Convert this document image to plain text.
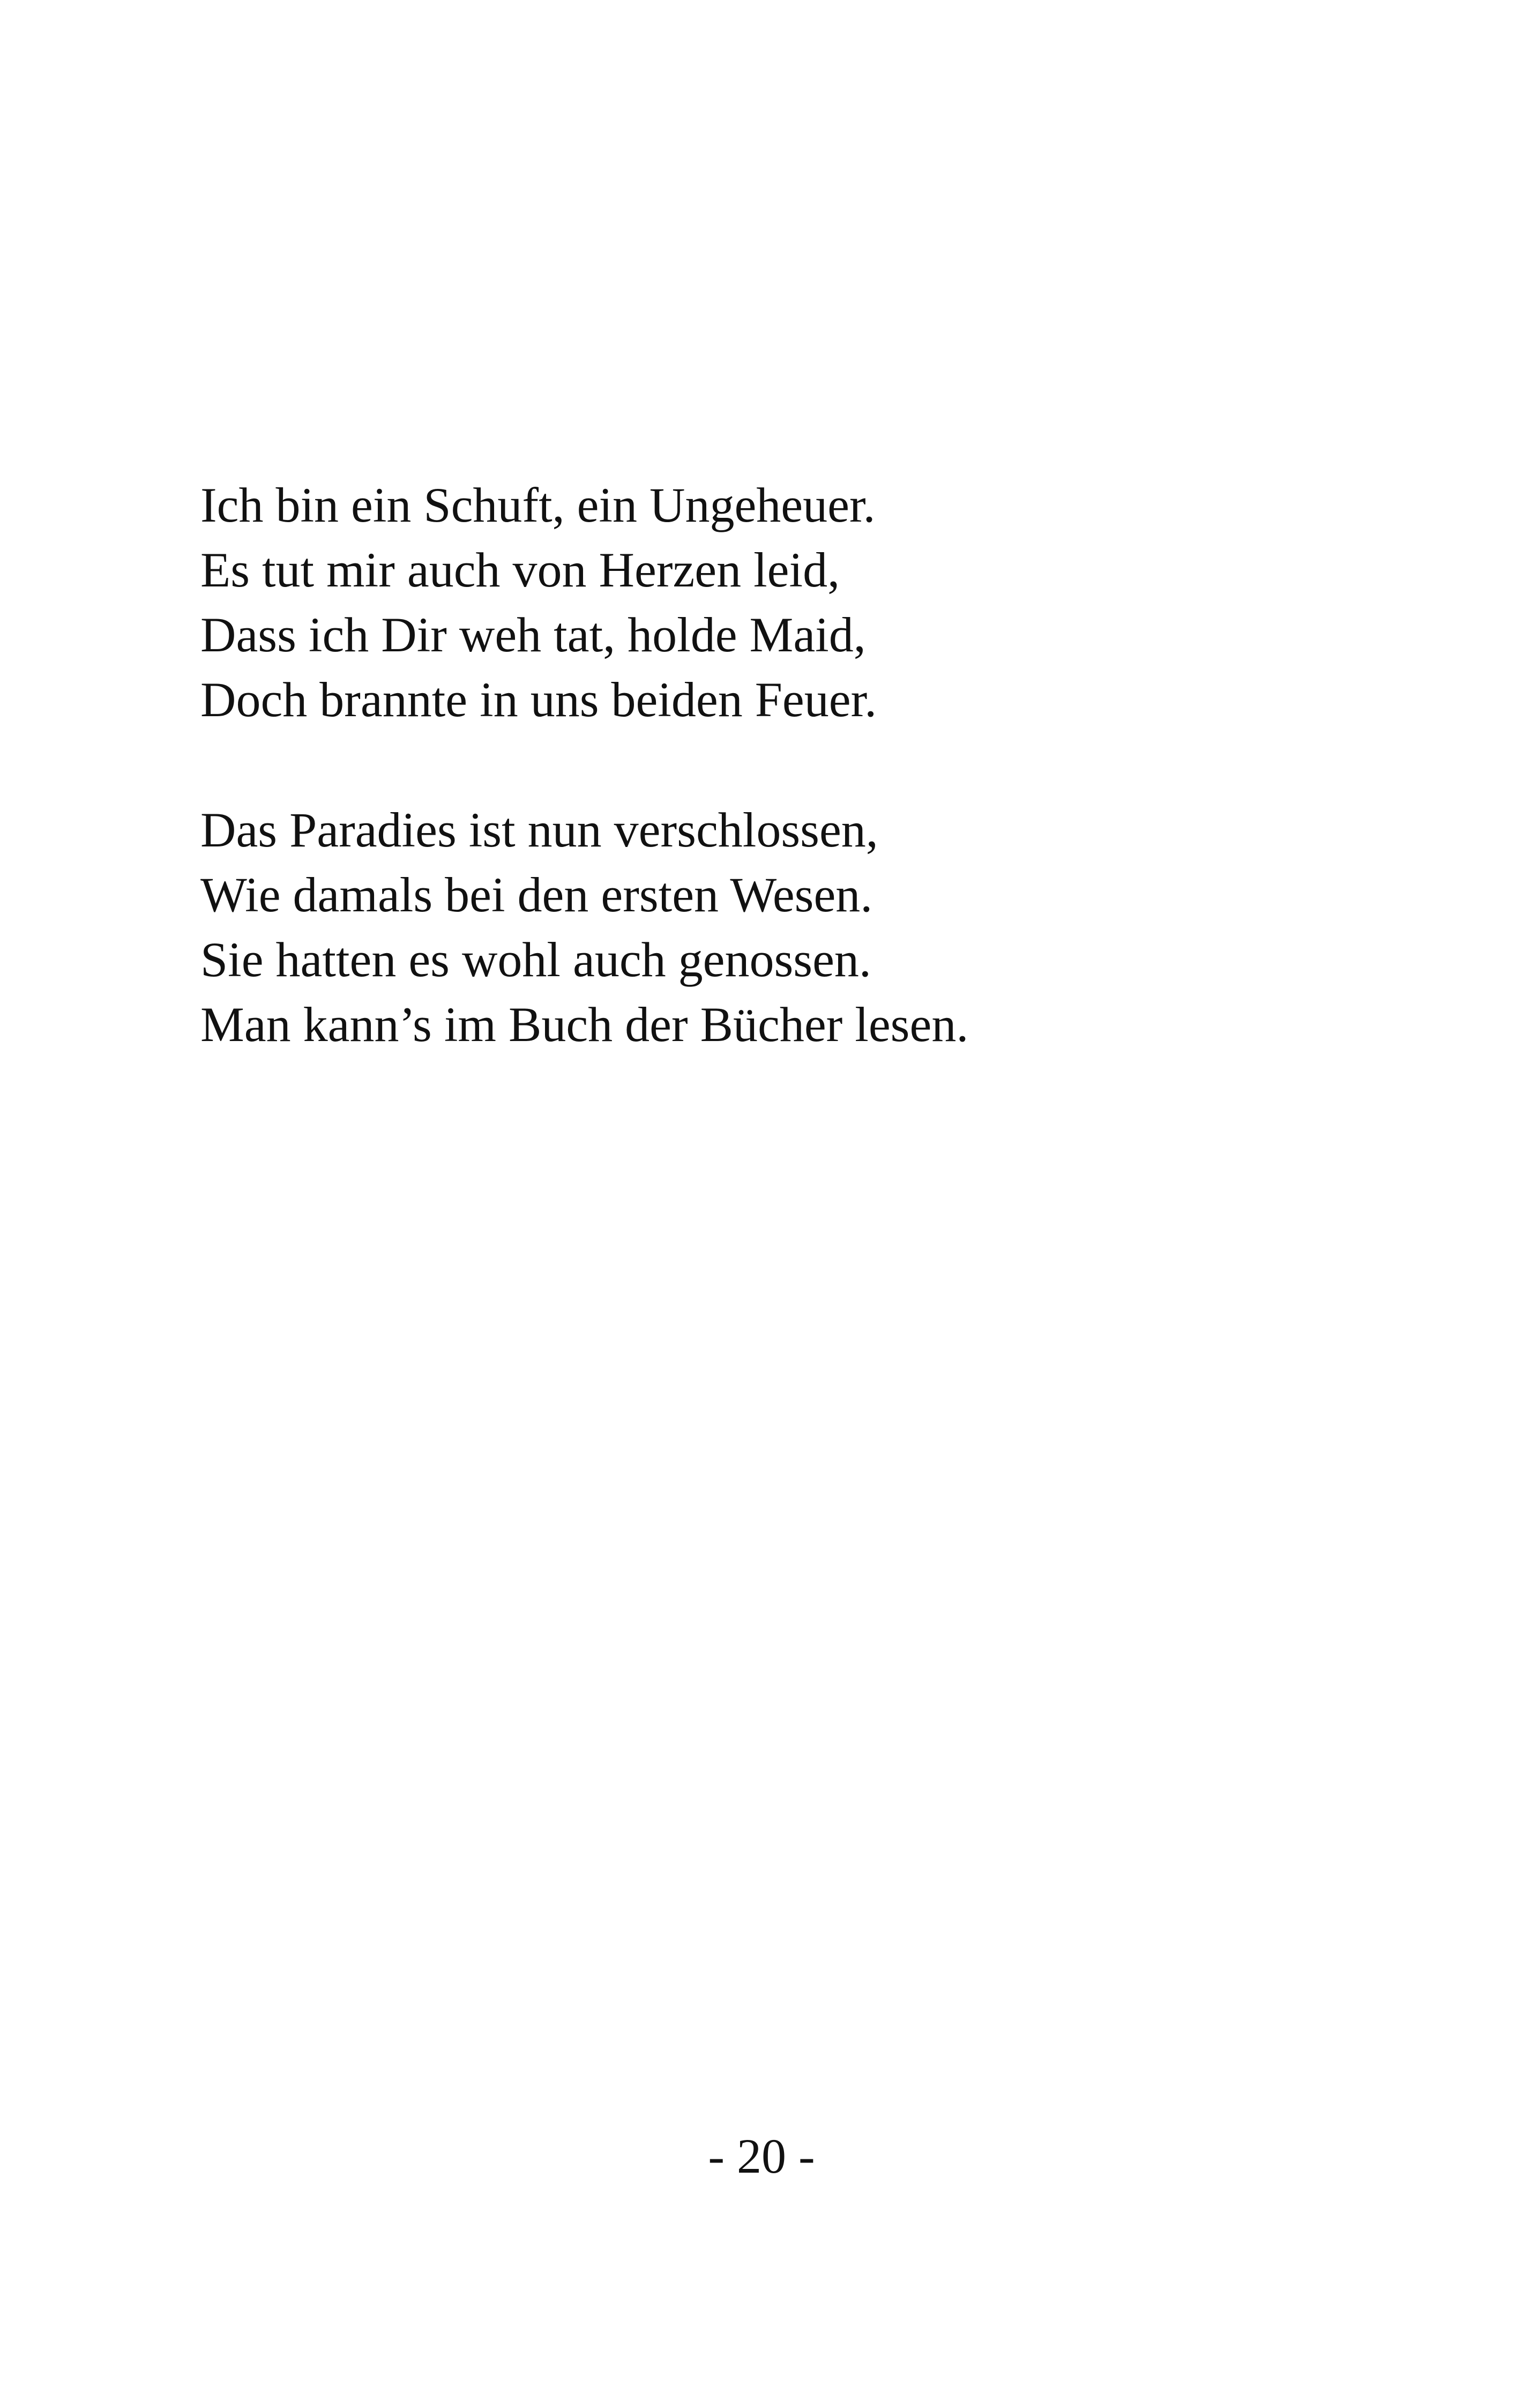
Ich bin ein Schuft, ein Ungeheuer.
Es tut mir auch von Herzen leid,
Dass ich Dir weh tat, holde Maid,
Doch brannte in uns beiden Feuer.

Das Paradies ist nun verschlossen,
Wie damals bei den ersten Wesen.
Sie hatten es wohl auch genossen.
Man kann’s im Buch der Bücher lesen.

- 20 -
